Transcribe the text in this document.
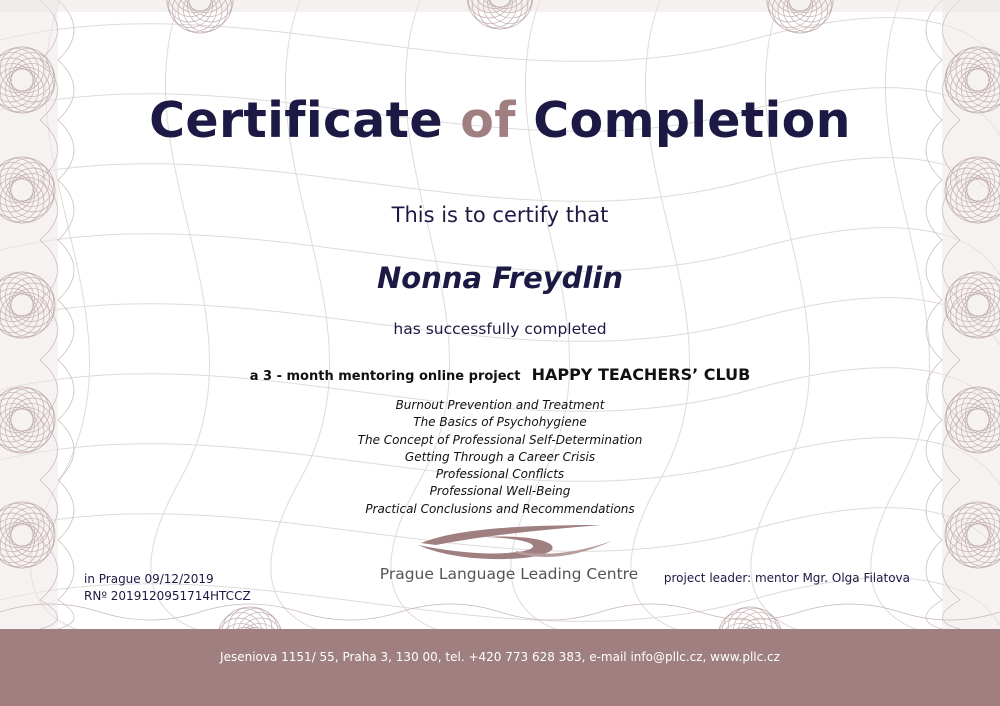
Certificate of Completion
This is to certify that
Nonna Freydlin
has successfully completed
a 3 - month mentoring online project HAPPY TEACHERS’ CLUB
Burnout Prevention and Treatment
The Basics of Psychohygiene
The Concept of Professional Self-Determination
Getting Through a Career Crisis
Professional Conflicts
Professional Well-Being
Practical Conclusions and Recommendations
Prague Language Leading Centre
in Prague 09/12/2019
RNº 2019120951714HTCCZ
project leader: mentor Mgr. Olga Filatova
Jeseniova 1151/ 55, Praha 3, 130 00, tel. +420 773 628 383, e-mail info@pllc.cz, www.pllc.cz
